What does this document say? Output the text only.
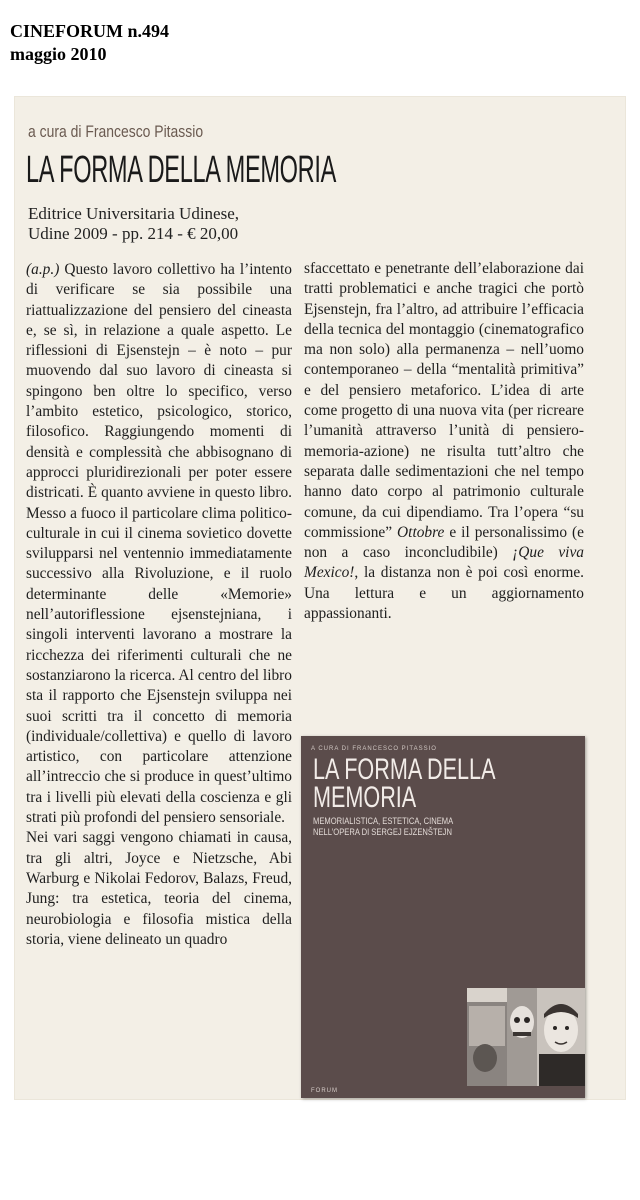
CINEFORUM n.494
maggio 2010
a cura di Francesco Pitassio
LA FORMA DELLA MEMORIA
Editrice Universitaria Udinese,
Udine 2009 - pp. 214 - € 20,00

(a.p.) Questo lavoro collettivo ha l’intento di verificare se sia possibile una riattualizzazione del pensiero del cineasta e, se sì, in relazione a quale aspetto. Le riflessioni di Ejsenstejn – è noto – pur muovendo dal suo lavoro di cineasta si spingono ben oltre lo specifico, verso l’ambito estetico, psicologico, storico, filosofico. Raggiungendo momenti di densità e complessità che abbisognano di approcci pluridirezionali per poter essere districati. È quanto avviene in questo libro. Messo a fuoco il particolare clima politico-culturale in cui il cinema sovietico dovette svilupparsi nel ventennio immediatamente successivo alla Rivoluzione, e il ruolo determinante delle «Memorie» nell’autoriflessione ejsenstejniana, i singoli interventi lavorano a mostrare la ricchezza dei riferimenti culturali che ne sostanziarono la ricerca. Al centro del libro sta il rapporto che Ejsenstejn sviluppa nei suoi scritti tra il concetto di memoria (individuale/collettiva) e quello di lavoro artistico, con particolare attenzione all’intreccio che si produce in quest’ultimo tra i livelli più elevati della coscienza e gli strati più profondi del pensiero sensoriale.

Nei vari saggi vengono chiamati in causa, tra gli altri, Joyce e Nietzsche, Abi Warburg e Nikolai Fedorov, Balazs, Freud, Jung: tra estetica, teoria del cinema, neurobiologia e filosofia mistica della storia, viene delineato un quadro

sfaccettato e penetrante dell’elaborazione dai tratti problematici e anche tragici che portò Ejsenstejn, fra l’altro, ad attribuire l’efficacia della tecnica del montaggio (cinematografico ma non solo) alla permanenza – nell’uomo contemporaneo – della “mentalità primitiva” e del pensiero metaforico. L’idea di arte come progetto di una nuova vita (per ricreare l’umanità attraverso l’unità di pensiero-memoria-azione) ne risulta tutt’altro che separata dalle sedimentazioni che nel tempo hanno dato corpo al patrimonio culturale comune, da cui dipendiamo. Tra l’opera “su commissione” Ottobre e il personalissimo (e non a caso inconcludibile) ¡Que viva Mexico!, la distanza non è poi così enorme. Una lettura e un aggiornamento appassionanti.

A CURA DI FRANCESCO PITASSIO
LA FORMA DELLA
MEMORIA
MEMORIALISTICA, ESTETICA, CINEMA
NELL’OPERA DI SERGEJ EJZENŠTEJN
FORUM
